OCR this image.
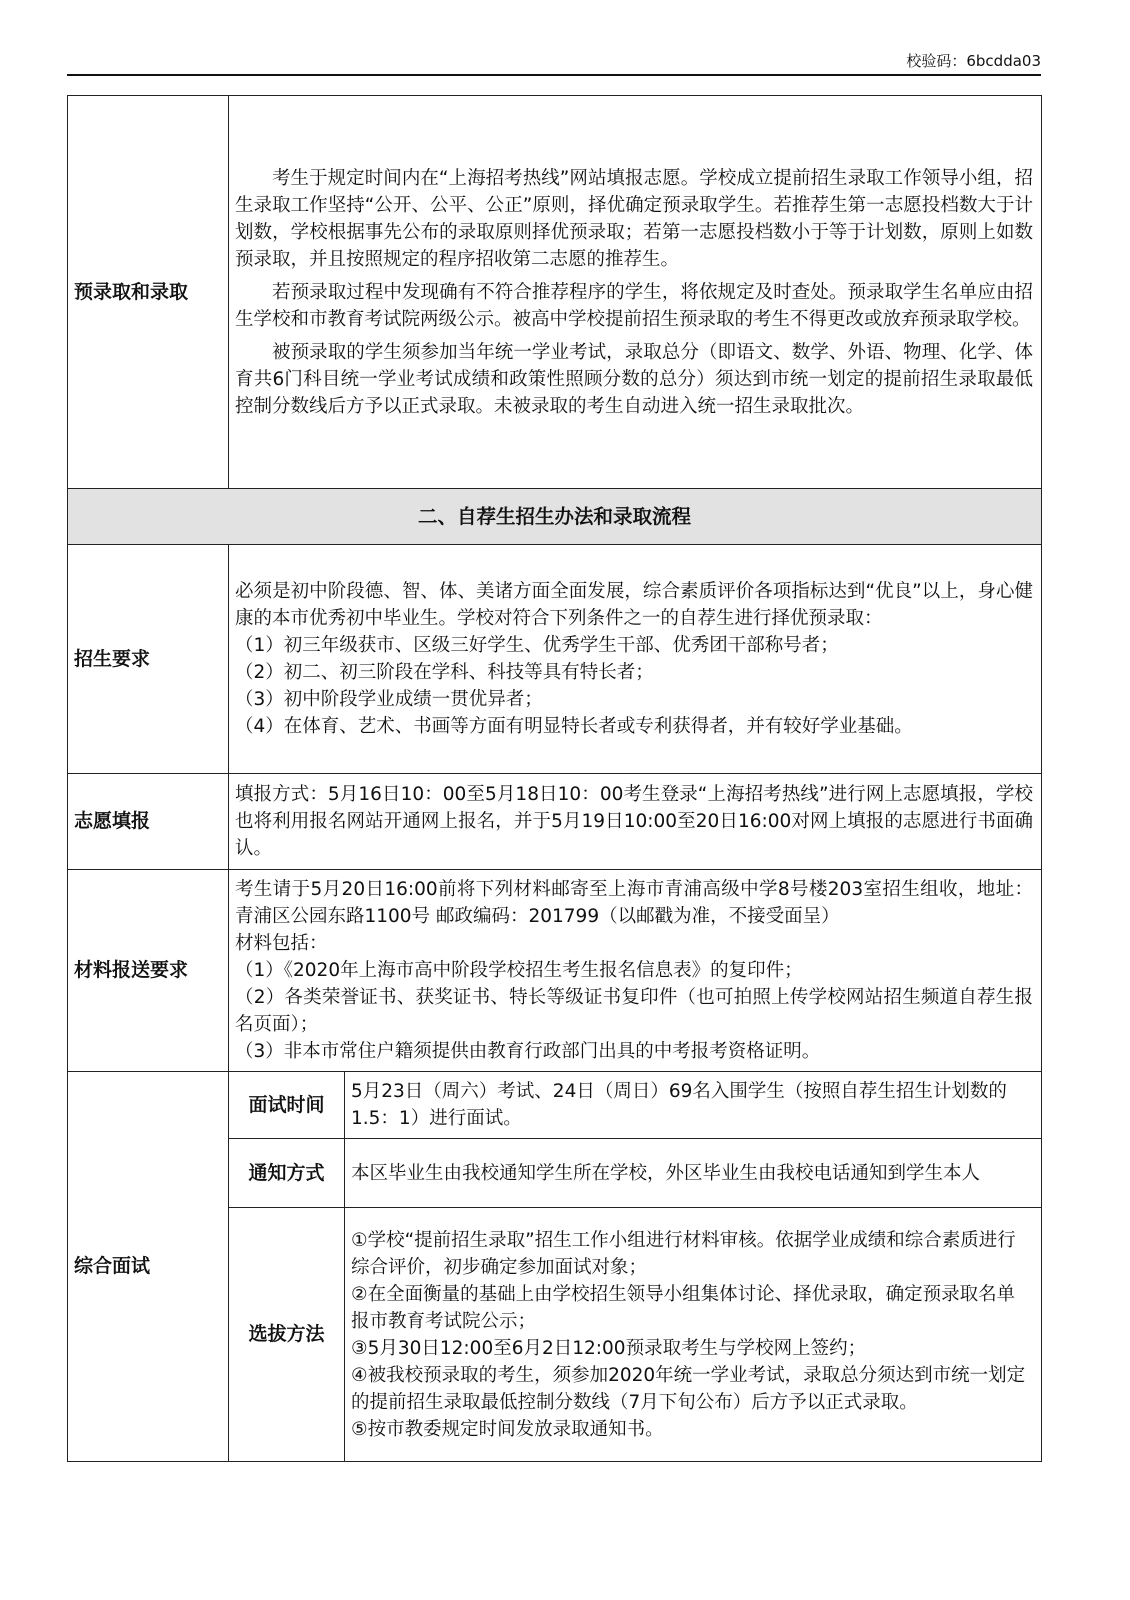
校验码：6bcdda03
预录取和录取	考生于规定时间内在“上海招考热线”网站填报志愿。学校成立提前招生录取工作领导小组，招生录取工作坚持“公开、公平、公正”原则，择优确定预录取学生。若推荐生第一志愿投档数大于计划数，学校根据事先公布的录取原则择优预录取；若第一志愿投档数小于等于计划数，原则上如数预录取，并且按照规定的程序招收第二志愿的推荐生。

若预录取过程中发现确有不符合推荐程序的学生，将依规定及时查处。预录取学生名单应由招生学校和市教育考试院两级公示。被高中学校提前招生预录取的考生不得更改或放弃预录取学校。

被预录取的学生须参加当年统一学业考试，录取总分（即语文、数学、外语、物理、化学、体育共6门科目统一学业考试成绩和政策性照顾分数的总分）须达到市统一划定的提前招生录取最低控制分数线后方予以正式录取。未被录取的考生自动进入统一招生录取批次。	

二、自荐生招生办法和录取流程		
招生要求	必须是初中阶段德、智、体、美诸方面全面发展，综合素质评价各项指标达到“优良”以上，身心健康的本市优秀初中毕业生。学校对符合下列条件之一的自荐生进行择优预录取：

（1）初三年级获市、区级三好学生、优秀学生干部、优秀团干部称号者；

（2）初二、初三阶段在学科、科技等具有特长者；

（3）初中阶段学业成绩一贯优异者；

（4）在体育、艺术、书画等方面有明显特长者或专利获得者，并有较好学业基础。	

志愿填报	填报方式：5月16日10：00至5月18日10：00考生登录“上海招考热线”进行网上志愿填报，学校也将利用报名网站开通网上报名，并于5月19日10:00至20日16:00对网上填报的志愿进行书面确认。	
材料报送要求	考生请于5月20日16:00前将下列材料邮寄至上海市青浦高级中学8号楼203室招生组收，地址：青浦区公园东路1100号 邮政编码：201799（以邮戳为准，不接受面呈）

材料包括：

（1）《2020年上海市高中阶段学校招生考生报名信息表》的复印件；

（2）各类荣誉证书、获奖证书、特长等级证书复印件（也可拍照上传学校网站招生频道自荐生报名页面）；

（3）非本市常住户籍须提供由教育行政部门出具的中考报考资格证明。	

综合面试	面试时间	5月23日（周六）考试、24日（周日）69名入围学生（按照自荐生招生计划数的1.5：1）进行面试。
	通知方式	本区毕业生由我校通知学生所在学校，外区毕业生由我校电话通知到学生本人
	选拔方法	①学校“提前招生录取”招生工作小组进行材料审核。依据学业成绩和综合素质进行综合评价，初步确定参加面试对象；

②在全面衡量的基础上由学校招生领导小组集体讨论、择优录取，确定预录取名单报市教育考试院公示；

③5月30日12:00至6月2日12:00预录取考生与学校网上签约；

④被我校预录取的考生，须参加2020年统一学业考试，录取总分须达到市统一划定的提前招生录取最低控制分数线（7月下旬公布）后方予以正式录取。

⑤按市教委规定时间发放录取通知书。
